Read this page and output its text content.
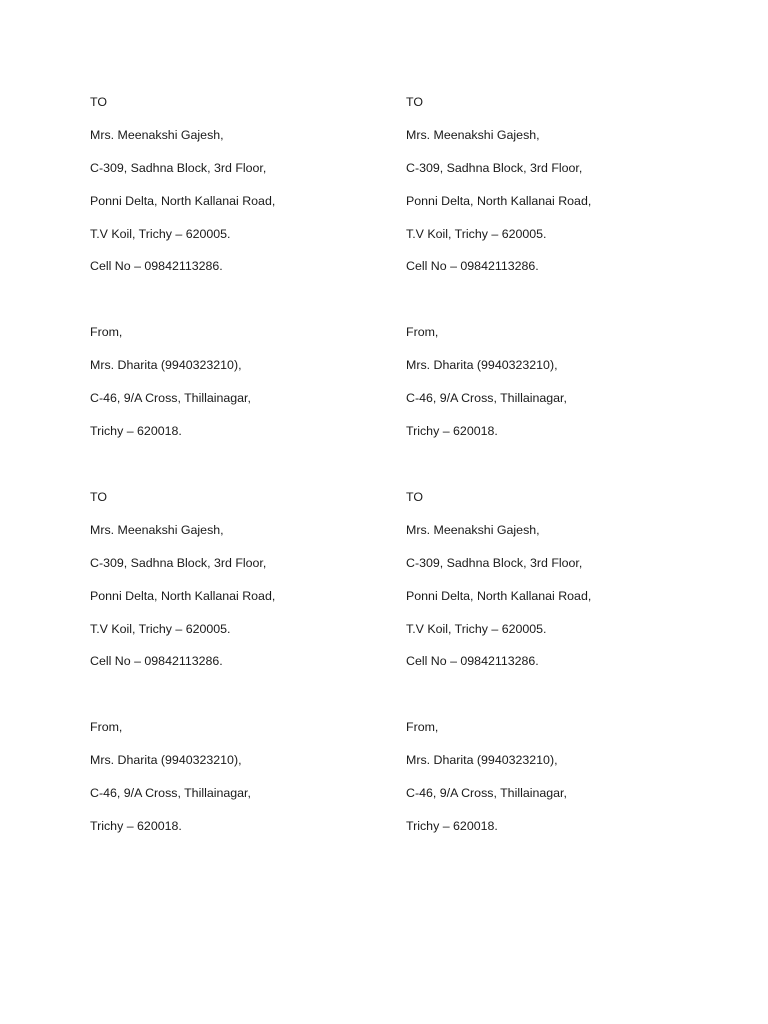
TO
Mrs. Meenakshi Gajesh,
C-309, Sadhna Block, 3rd Floor,
Ponni Delta, North Kallanai Road,
T.V Koil, Trichy – 620005.
Cell No – 09842113286.
From,
Mrs. Dharita (9940323210),
C-46, 9/A Cross, Thillainagar,
Trichy – 620018.
TO
Mrs. Meenakshi Gajesh,
C-309, Sadhna Block, 3rd Floor,
Ponni Delta, North Kallanai Road,
T.V Koil, Trichy – 620005.
Cell No – 09842113286.
From,
Mrs. Dharita (9940323210),
C-46, 9/A Cross, Thillainagar,
Trichy – 620018.
TO
Mrs. Meenakshi Gajesh,
C-309, Sadhna Block, 3rd Floor,
Ponni Delta, North Kallanai Road,
T.V Koil, Trichy – 620005.
Cell No – 09842113286.
From,
Mrs. Dharita (9940323210),
C-46, 9/A Cross, Thillainagar,
Trichy – 620018.
TO
Mrs. Meenakshi Gajesh,
C-309, Sadhna Block, 3rd Floor,
Ponni Delta, North Kallanai Road,
T.V Koil, Trichy – 620005.
Cell No – 09842113286.
From,
Mrs. Dharita (9940323210),
C-46, 9/A Cross, Thillainagar,
Trichy – 620018.
